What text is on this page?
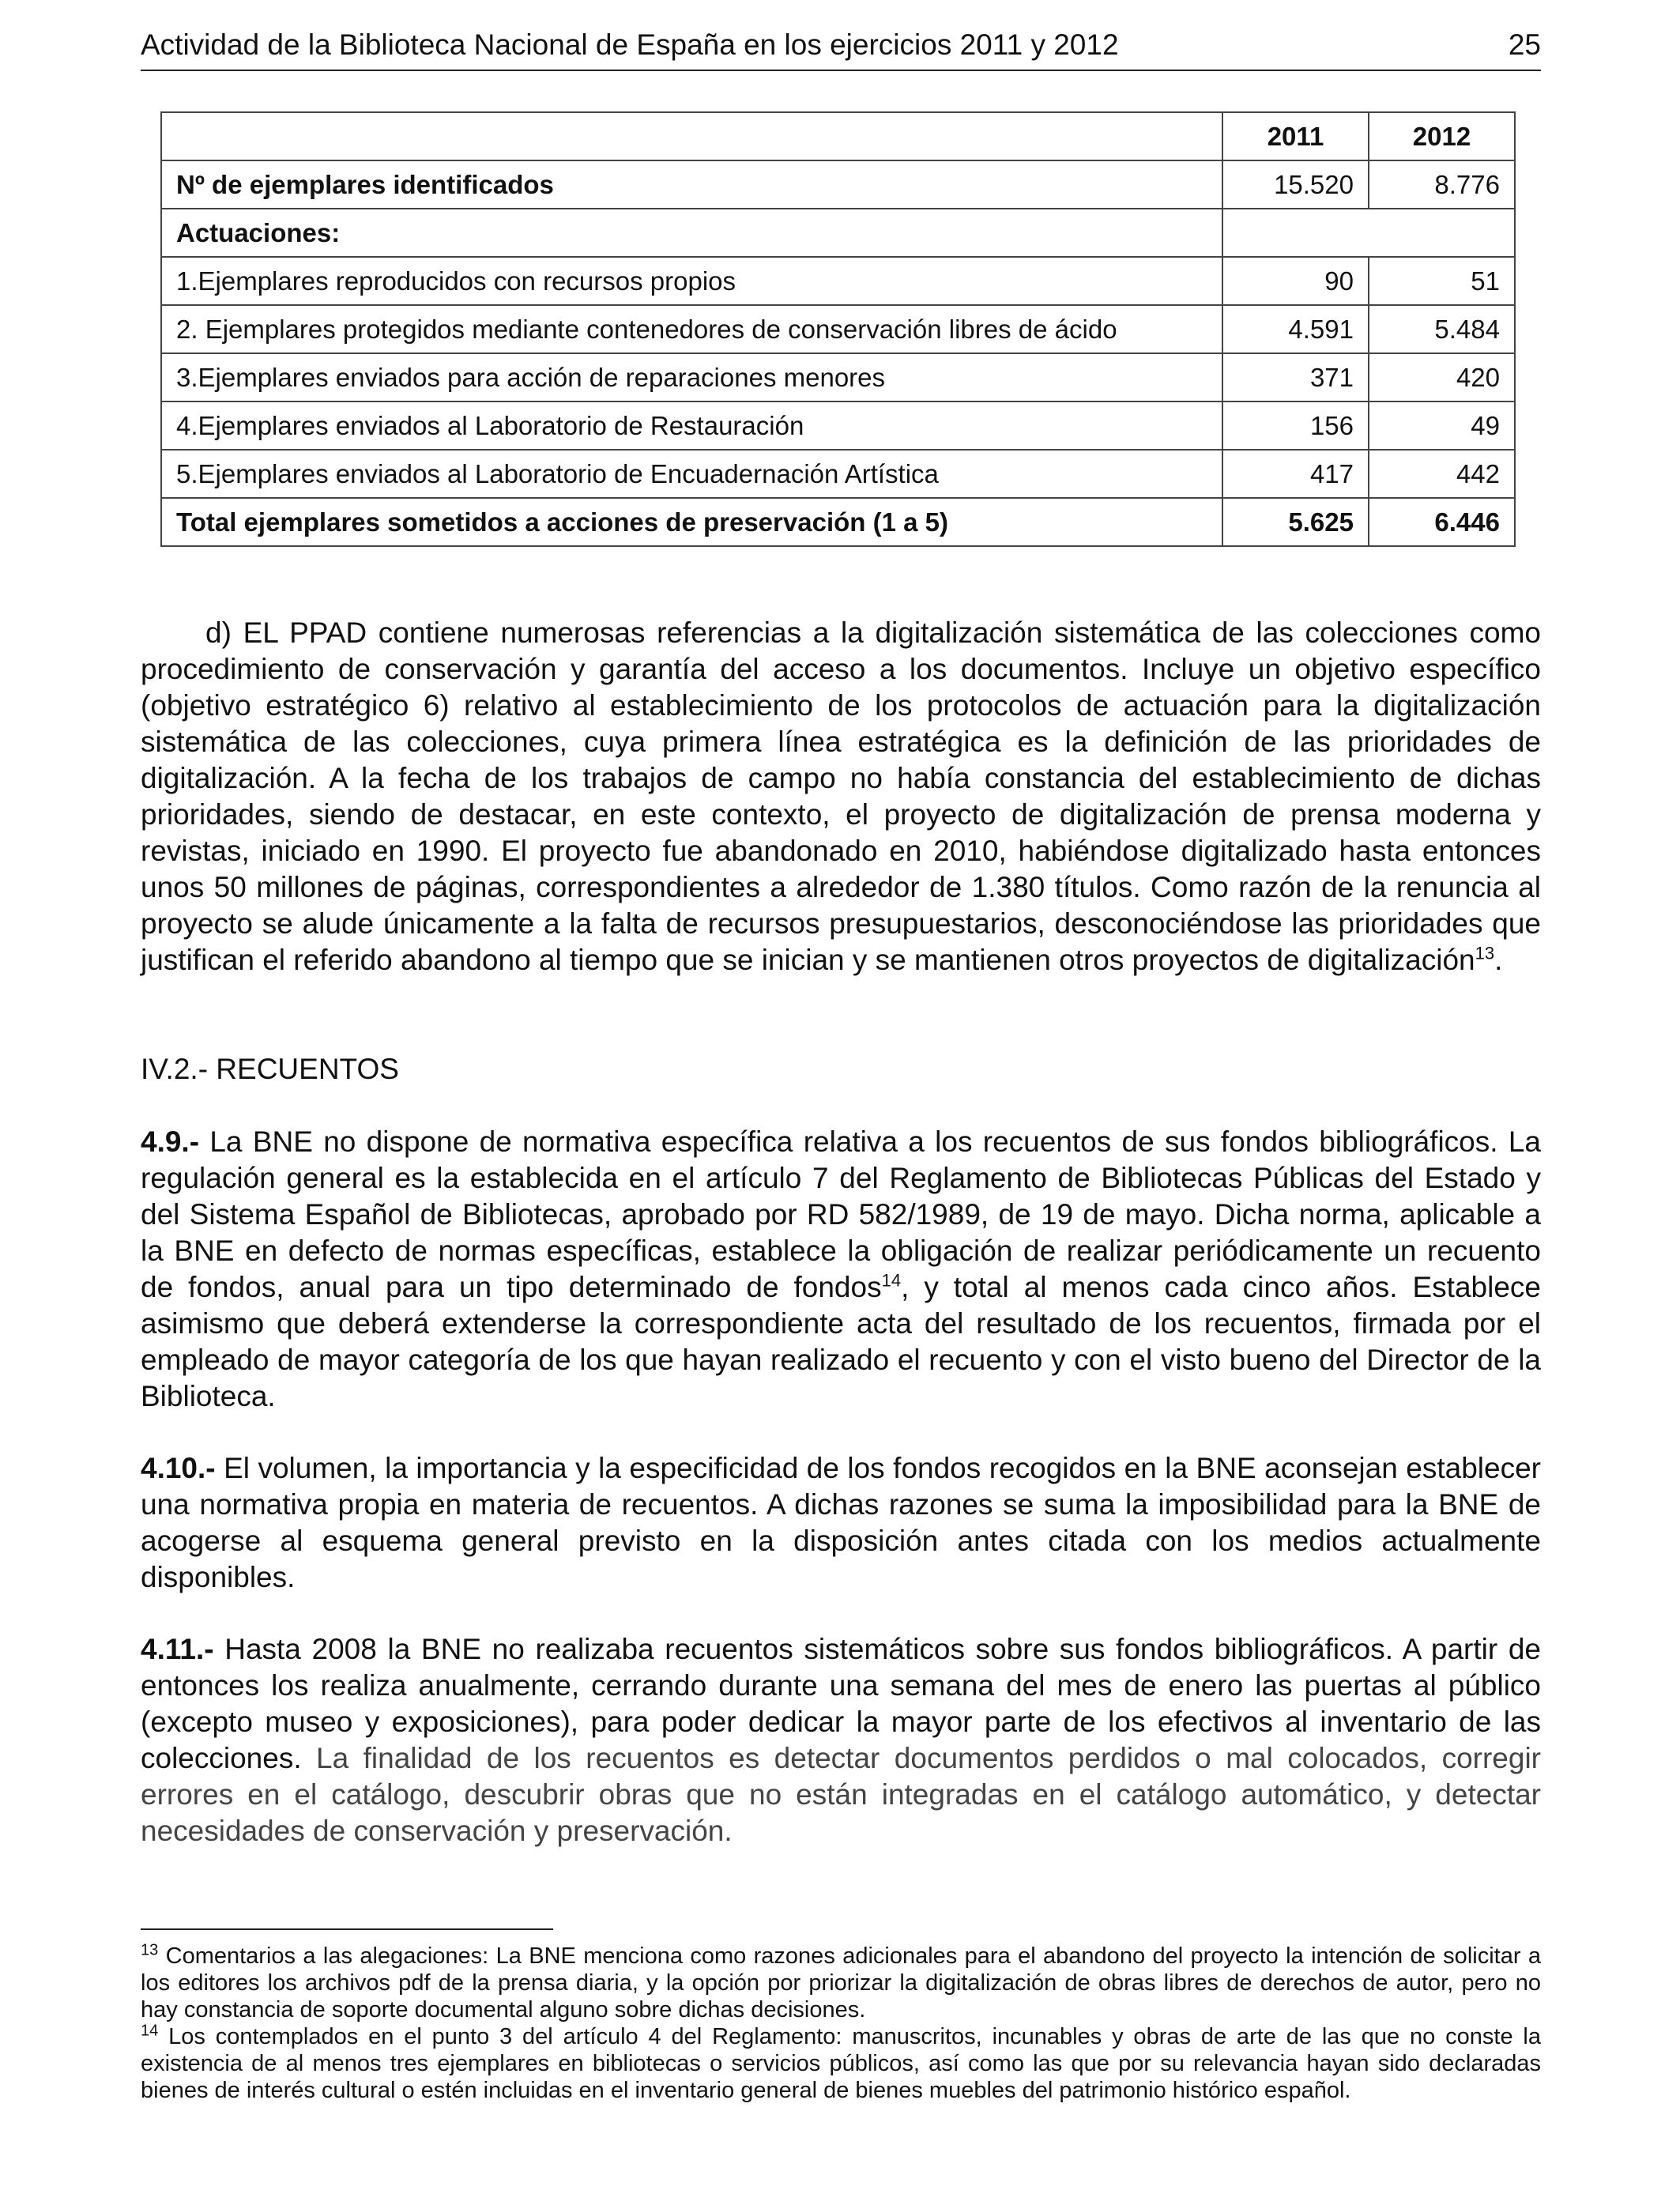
Actividad de la Biblioteca Nacional de España en los ejercicios 2011 y 2012	25
	2011	2012
Nº de ejemplares identificados	15.520	8.776
Actuaciones:		
1.Ejemplares reproducidos con recursos propios	90	51
2. Ejemplares protegidos mediante contenedores de conservación libres de ácido	4.591	5.484
3.Ejemplares enviados para acción de reparaciones menores	371	420
4.Ejemplares enviados al Laboratorio de Restauración	156	49
5.Ejemplares enviados al Laboratorio de Encuadernación Artística	417	442
Total ejemplares sometidos a acciones de preservación (1 a 5)	5.625	6.446

d) EL PPAD contiene numerosas referencias a la digitalización sistemática de las colecciones como procedimiento de conservación y garantía del acceso a los documentos. Incluye un objetivo específico (objetivo estratégico 6) relativo al establecimiento de los protocolos de actuación para la digitalización sistemática de las colecciones, cuya primera línea estratégica es la definición de las prioridades de digitalización. A la fecha de los trabajos de campo no había constancia del establecimiento de dichas prioridades, siendo de destacar, en este contexto, el proyecto de digitalización de prensa moderna y revistas, iniciado en 1990. El proyecto fue abandonado en 2010, habiéndose digitalizado hasta entonces unos 50 millones de páginas, correspondientes a alrededor de 1.380 títulos. Como razón de la renuncia al proyecto se alude únicamente a la falta de recursos presupuestarios, desconociéndose las prioridades que justifican el referido abandono al tiempo que se inician y se mantienen otros proyectos de digitalización$^{13}$.

IV.2.- RECUENTOS

4.9.- La BNE no dispone de normativa específica relativa a los recuentos de sus fondos bibliográficos. La regulación general es la establecida en el artículo 7 del Reglamento de Bibliotecas Públicas del Estado y del Sistema Español de Bibliotecas, aprobado por RD 582/1989, de 19 de mayo. Dicha norma, aplicable a la BNE en defecto de normas específicas, establece la obligación de realizar periódicamente un recuento de fondos, anual para un tipo determinado de fondos$^{14}$, y total al menos cada cinco años. Establece asimismo que deberá extenderse la correspondiente acta del resultado de los recuentos, firmada por el empleado de mayor categoría de los que hayan realizado el recuento y con el visto bueno del Director de la Biblioteca.

4.10.- El volumen, la importancia y la especificidad de los fondos recogidos en la BNE aconsejan establecer una normativa propia en materia de recuentos. A dichas razones se suma la imposibilidad para la BNE de acogerse al esquema general previsto en la disposición antes citada con los medios actualmente disponibles.

4.11.- Hasta 2008 la BNE no realizaba recuentos sistemáticos sobre sus fondos bibliográficos. A partir de entonces los realiza anualmente, cerrando durante una semana del mes de enero las puertas al público (excepto museo y exposiciones), para poder dedicar la mayor parte de los efectivos al inventario de las colecciones. La finalidad de los recuentos es detectar documentos perdidos o mal colocados, corregir errores en el catálogo, descubrir obras que no están integradas en el catálogo automático, y detectar necesidades de conservación y preservación.

$^{13}$ Comentarios a las alegaciones: La BNE menciona como razones adicionales para el abandono del proyecto la intención de solicitar a los editores los archivos pdf de la prensa diaria, y la opción por priorizar la digitalización de obras libres de derechos de autor, pero no hay constancia de soporte documental alguno sobre dichas decisiones.

$^{14}$ Los contemplados en el punto 3 del artículo 4 del Reglamento: manuscritos, incunables y obras de arte de las que no conste la existencia de al menos tres ejemplares en bibliotecas o servicios públicos, así como las que por su relevancia hayan sido declaradas bienes de interés cultural o estén incluidas en el inventario general de bienes muebles del patrimonio histórico español.
